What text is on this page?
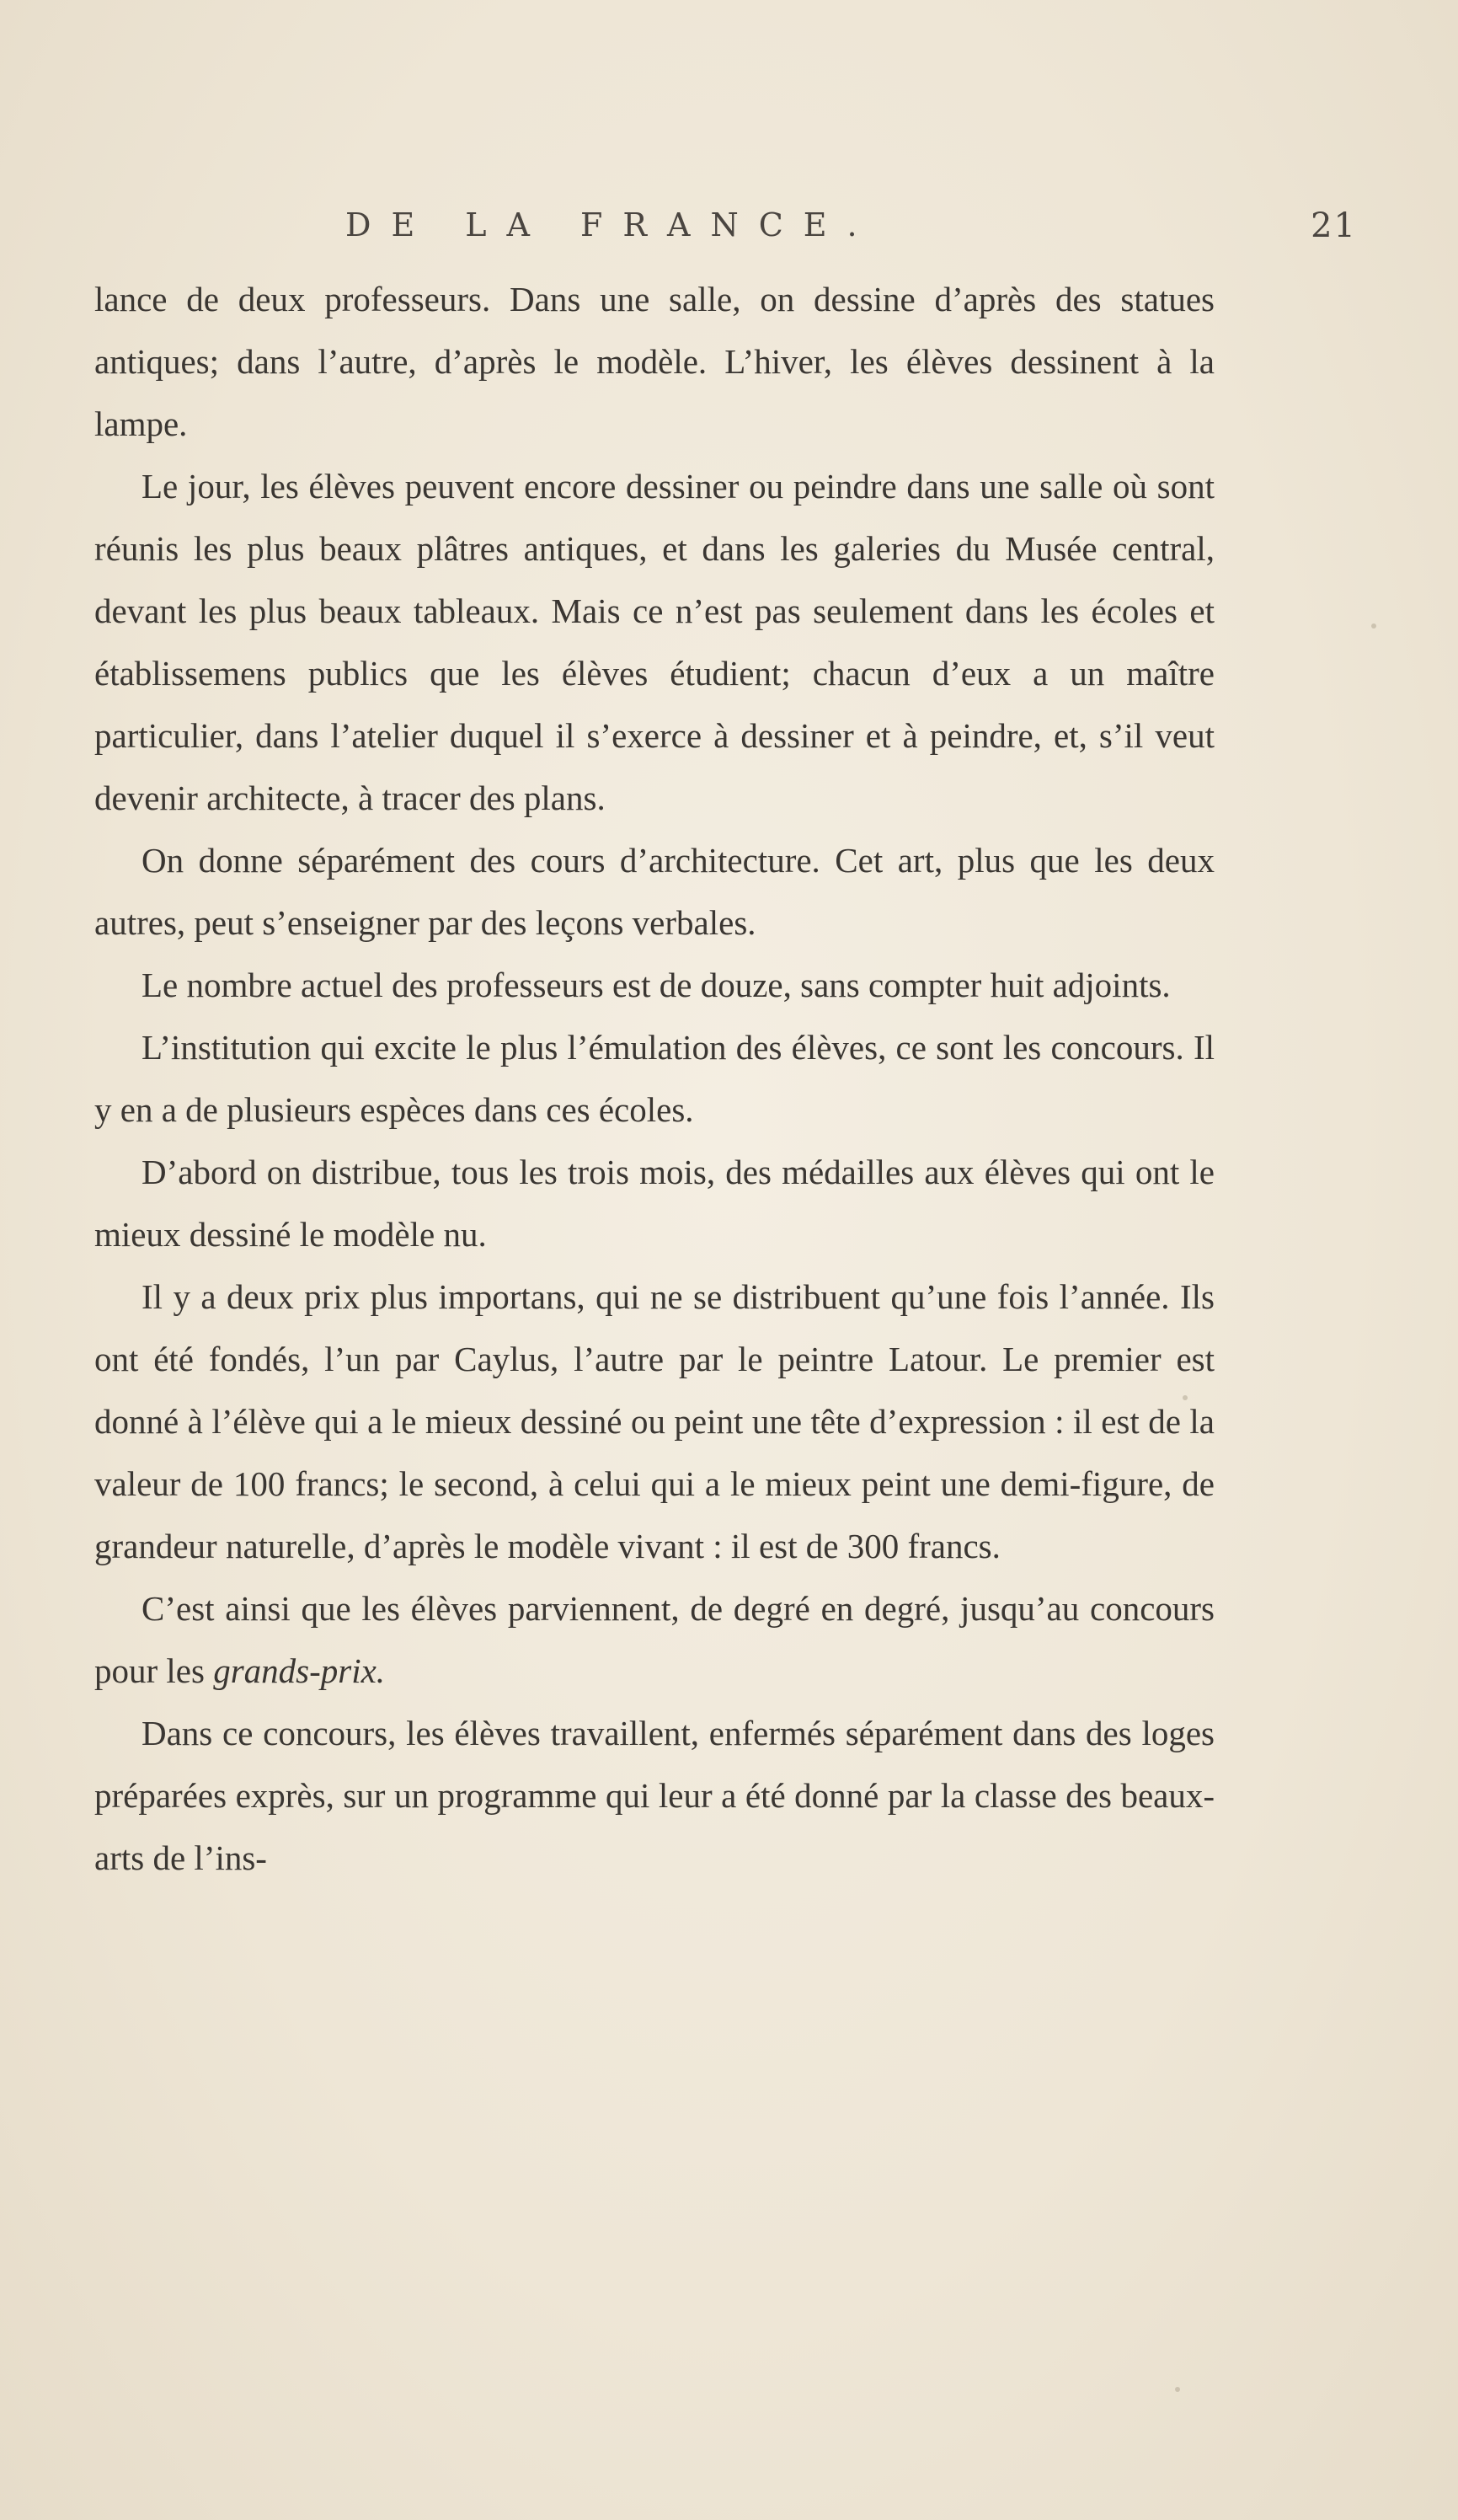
DE LA FRANCE.	21

lance de deux professeurs. Dans une salle, on dessine d’après des statues antiques; dans l’autre, d’après le modèle. L’hiver, les élèves dessinent à la lampe.

Le jour, les élèves peuvent encore dessiner ou peindre dans une salle où sont réunis les plus beaux plâtres antiques, et dans les galeries du Musée central, devant les plus beaux tableaux. Mais ce n’est pas seulement dans les écoles et établissemens publics que les élèves étudient; chacun d’eux a un maître particulier, dans l’atelier duquel il s’exerce à dessiner et à peindre, et, s’il veut devenir architecte, à tracer des plans.

On donne séparément des cours d’architecture. Cet art, plus que les deux autres, peut s’enseigner par des leçons verbales.

Le nombre actuel des professeurs est de douze, sans compter huit adjoints.

L’institution qui excite le plus l’émulation des élèves, ce sont les concours. Il y en a de plusieurs espèces dans ces écoles.

D’abord on distribue, tous les trois mois, des médailles aux élèves qui ont le mieux dessiné le modèle nu.

Il y a deux prix plus importans, qui ne se distribuent qu’une fois l’année. Ils ont été fondés, l’un par Caylus, l’autre par le peintre Latour. Le premier est donné à l’élève qui a le mieux dessiné ou peint une tête d’expression : il est de la valeur de 100 francs; le second, à celui qui a le mieux peint une demi-figure, de grandeur naturelle, d’après le modèle vivant : il est de 300 francs.

C’est ainsi que les élèves parviennent, de degré en degré, jusqu’au concours pour les grands-prix.

Dans ce concours, les élèves travaillent, enfermés séparément dans des loges préparées exprès, sur un programme qui leur a été donné par la classe des beaux-arts de l’ins-
